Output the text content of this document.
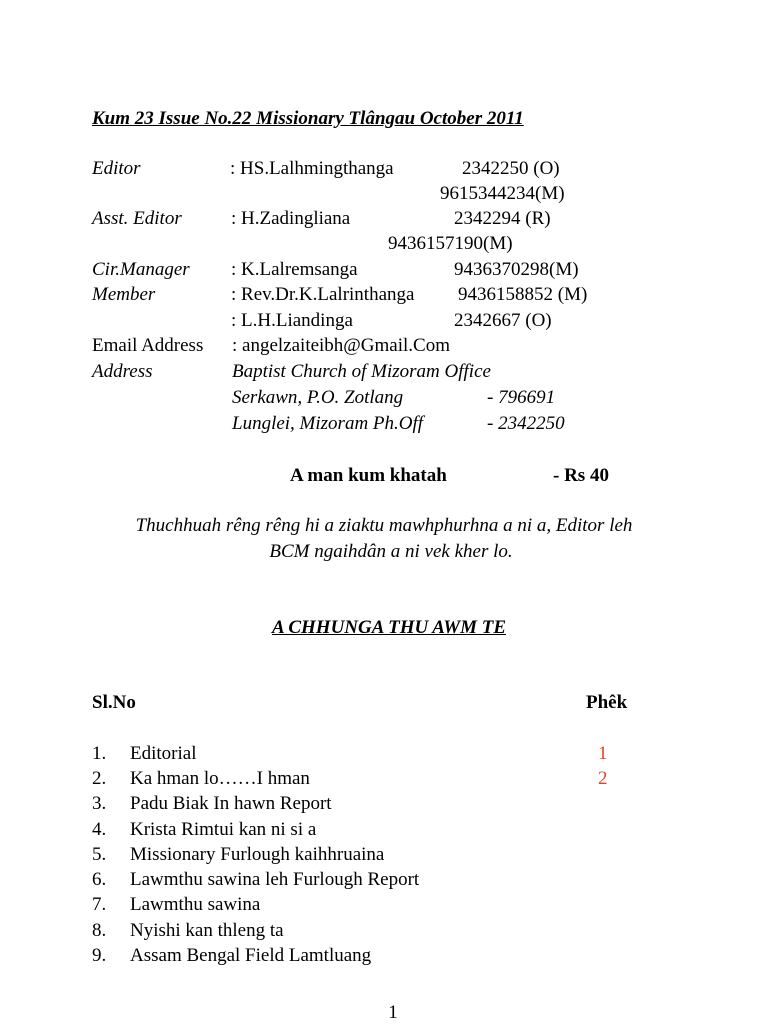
Kum 23 Issue No.22 Missionary Tlângau October 2011
Editor	: HS.Lalhmingthanga	2342250 (O)
9615344234(M)
Asst. Editor	: H.Zadingliana	2342294 (R)
9436157190(M)
Cir.Manager : K.Lalremsanga	9436370298(M)
Member	: Rev.Dr.K.Lalrinthanga 9436158852 (M)
: L.H.Liandinga	2342667 (O)
Email Address : angelzaiteibh@Gmail.Com
Address	Baptist Church of Mizoram Office
Serkawn, P.O. Zotlang	- 796691
Lunglei, Mizoram Ph.Off	- 2342250
A man kum khatah	- Rs 40
Thuchhuah rêng rêng hi a ziaktu mawhphurhna a ni a, Editor leh
BCM ngaihdân a ni vek kher lo.
A CHHUNGA THU AWM TE
Sl.No	Phêk
1. Editorial	1
2. Ka hman lo……I hman	2
3. Padu Biak In hawn Report
4. Krista Rimtui kan ni si a
5. Missionary Furlough kaihhruaina
6. Lawmthu sawina leh Furlough Report
7. Lawmthu sawina
8. Nyishi kan thleng ta
9. Assam Bengal Field Lamtluang
1
